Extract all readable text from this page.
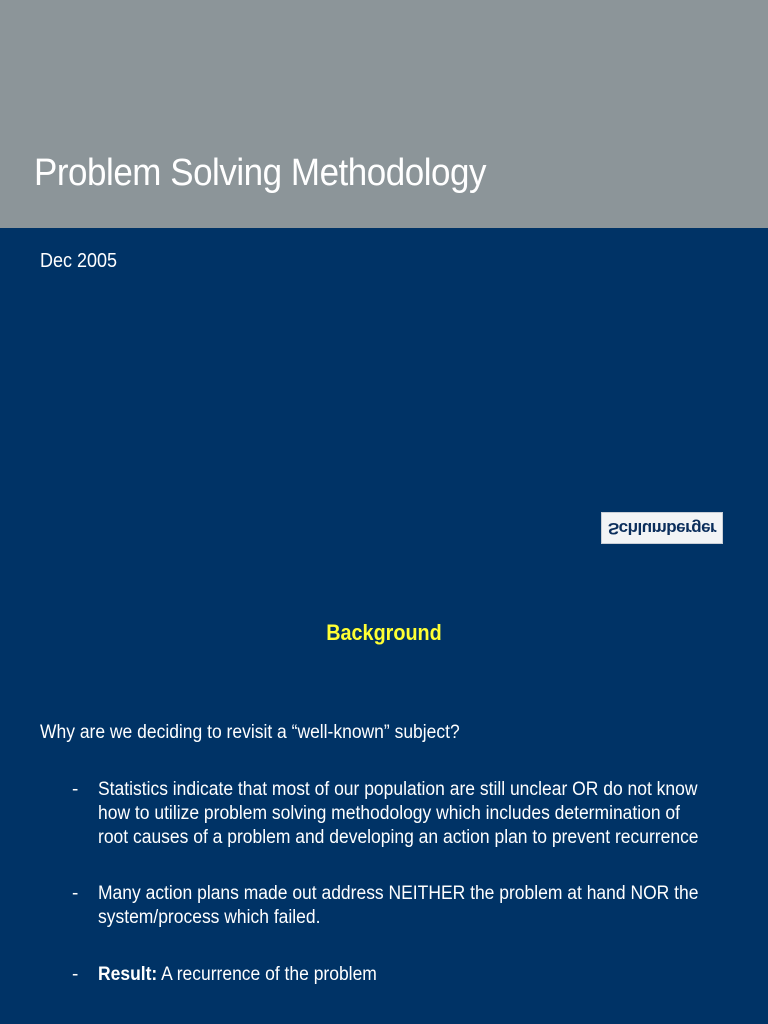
Problem Solving Methodology
Dec 2005
Schlumberger
Background
Why are we deciding to revisit a “well-known” subject?
-	Statistics indicate that most of our population are still unclear OR do not know how to utilize problem solving methodology which includes determination of root causes of a problem and developing an action plan to prevent recurrence
-	Many action plans made out address NEITHER the problem at hand NOR the system/process which failed.
-	Result: A recurrence of the problem
